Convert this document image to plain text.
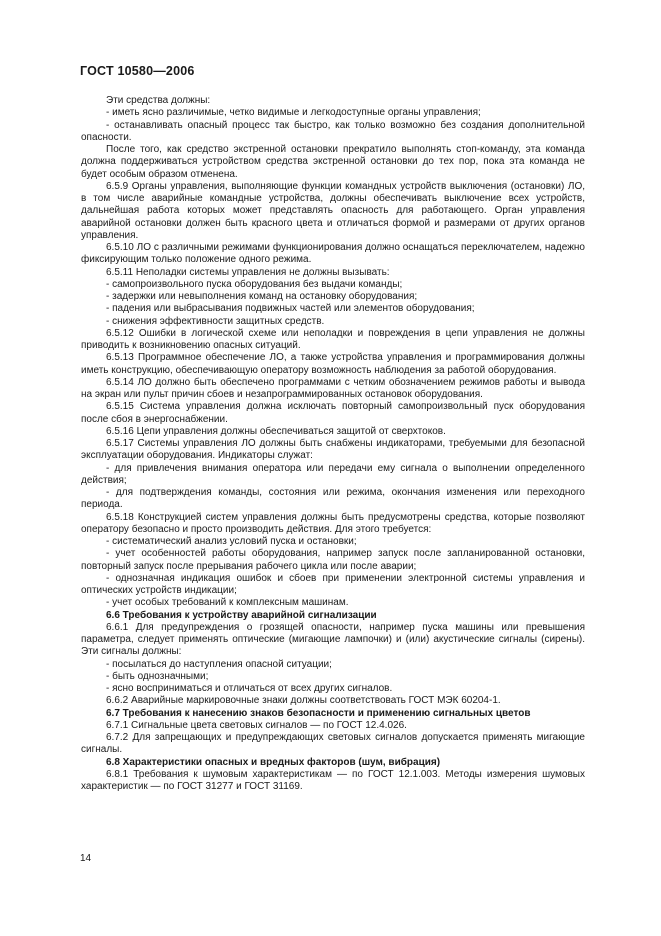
ГОСТ 10580—2006

Эти средства должны:

- иметь ясно различимые, четко видимые и легкодоступные органы управления;

- останавливать опасный процесс так быстро, как только возможно без создания дополнительной опасности.

После того, как средство экстренной остановки прекратило выполнять стоп-команду, эта команда должна поддерживаться устройством средства экстренной остановки до тех пор, пока эта команда не будет особым образом отменена.

6.5.9 Органы управления, выполняющие функции командных устройств выключения (остановки) ЛО, в том числе аварийные командные устройства, должны обеспечивать выключение всех устройств, дальнейшая работа которых может представлять опасность для работающего. Орган управления аварийной остановки должен быть красного цвета и отличаться формой и размерами от других органов управления.

6.5.10 ЛО с различными режимами функционирования должно оснащаться переключателем, надежно фиксирующим только положение одного режима.

6.5.11 Неполадки системы управления не должны вызывать:

- самопроизвольного пуска оборудования без выдачи команды;

- задержки или невыполнения команд на остановку оборудования;

- падения или выбрасывания подвижных частей или элементов оборудования;

- снижения эффективности защитных средств.

6.5.12 Ошибки в логической схеме или неполадки и повреждения в цепи управления не должны приводить к возникновению опасных ситуаций.

6.5.13 Программное обеспечение ЛО, а также устройства управления и программирования должны иметь конструкцию, обеспечивающую оператору возможность наблюдения за работой оборудования.

6.5.14 ЛО должно быть обеспечено программами с четким обозначением режимов работы и вывода на экран или пульт причин сбоев и незапрограммированных остановок оборудования.

6.5.15 Система управления должна исключать повторный самопроизвольный пуск оборудования после сбоя в энергоснабжении.

6.5.16 Цепи управления должны обеспечиваться защитой от сверхтоков.

6.5.17 Системы управления ЛО должны быть снабжены индикаторами, требуемыми для безопасной эксплуатации оборудования. Индикаторы служат:

- для привлечения внимания оператора или передачи ему сигнала о выполнении определенного действия;

- для подтверждения команды, состояния или режима, окончания изменения или переходного периода.

6.5.18 Конструкцией систем управления должны быть предусмотрены средства, которые позволяют оператору безопасно и просто производить действия. Для этого требуется:

- систематический анализ условий пуска и остановки;

- учет особенностей работы оборудования, например запуск после запланированной остановки, повторный запуск после прерывания рабочего цикла или после аварии;

- однозначная индикация ошибок и сбоев при применении электронной системы управления и оптических устройств индикации;

- учет особых требований к комплексным машинам.

6.6 Требования к устройству аварийной сигнализации

6.6.1 Для предупреждения о грозящей опасности, например пуска машины или превышения параметра, следует применять оптические (мигающие лампочки) и (или) акустические сигналы (сирены). Эти сигналы должны:

- посылаться до наступления опасной ситуации;

- быть однозначными;

- ясно восприниматься и отличаться от всех других сигналов.

6.6.2 Аварийные маркировочные знаки должны соответствовать ГОСТ МЭК 60204-1.

6.7 Требования к нанесению знаков безопасности и применению сигнальных цветов

6.7.1 Сигнальные цвета световых сигналов — по ГОСТ 12.4.026.

6.7.2 Для запрещающих и предупреждающих световых сигналов допускается применять мигающие сигналы.

6.8 Характеристики опасных и вредных факторов (шум, вибрация)

6.8.1 Требования к шумовым характеристикам — по ГОСТ 12.1.003. Методы измерения шумовых характеристик — по ГОСТ 31277 и ГОСТ 31169.

14
